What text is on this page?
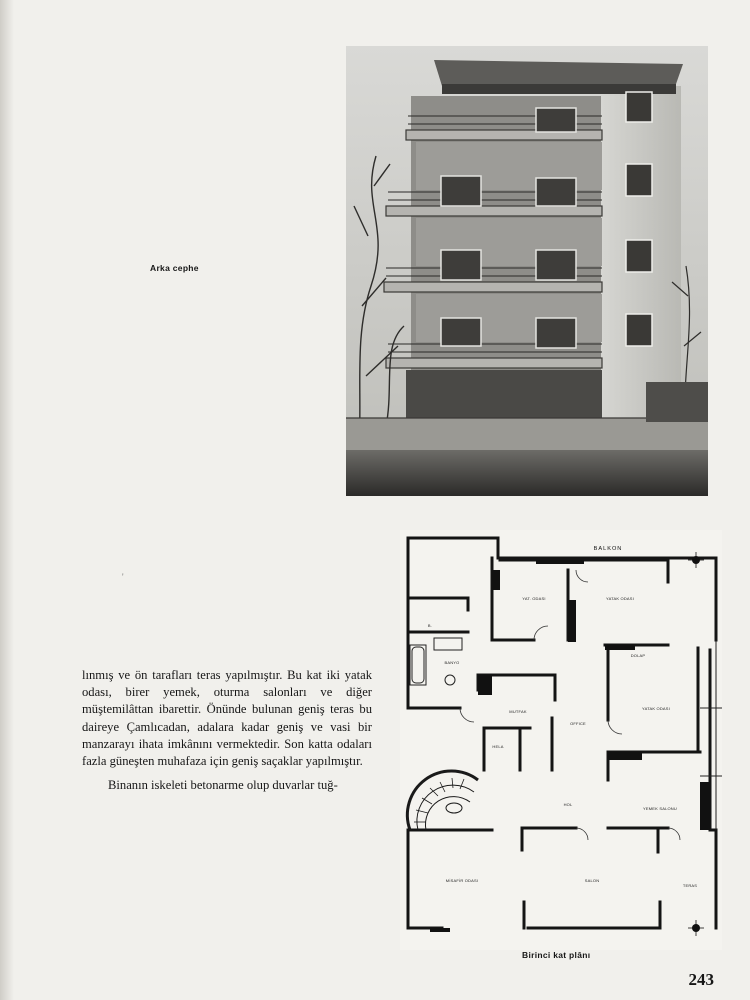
Arka cephe

lınmış ve ön tarafları teras yapılmıştır. Bu kat iki yatak odası, birer yemek, oturma salonları ve diğer müştemilâttan ibarettir. Önünde bulunan geniş teras bu daireye Çamlıcadan, adalara kadar geniş ve vasi bir manzarayı ihata imkânını vermektedir. Son katta odaları fazla güneşten muhafaza için geniş saçaklar yapılmıştır.

Binanın iskeleti betonarme olup duvarlar tuğ-

'
BALKON
YAT. ODASI	YATAK ODASI
B.
BANYO
DOLAP
MUTFAK
OFFICE
HELA
HOL
YATAK ODASI
YEMEK SALONU
MİSAFİR ODASI	SALON
TERAS
Birinci kat plânı
243
